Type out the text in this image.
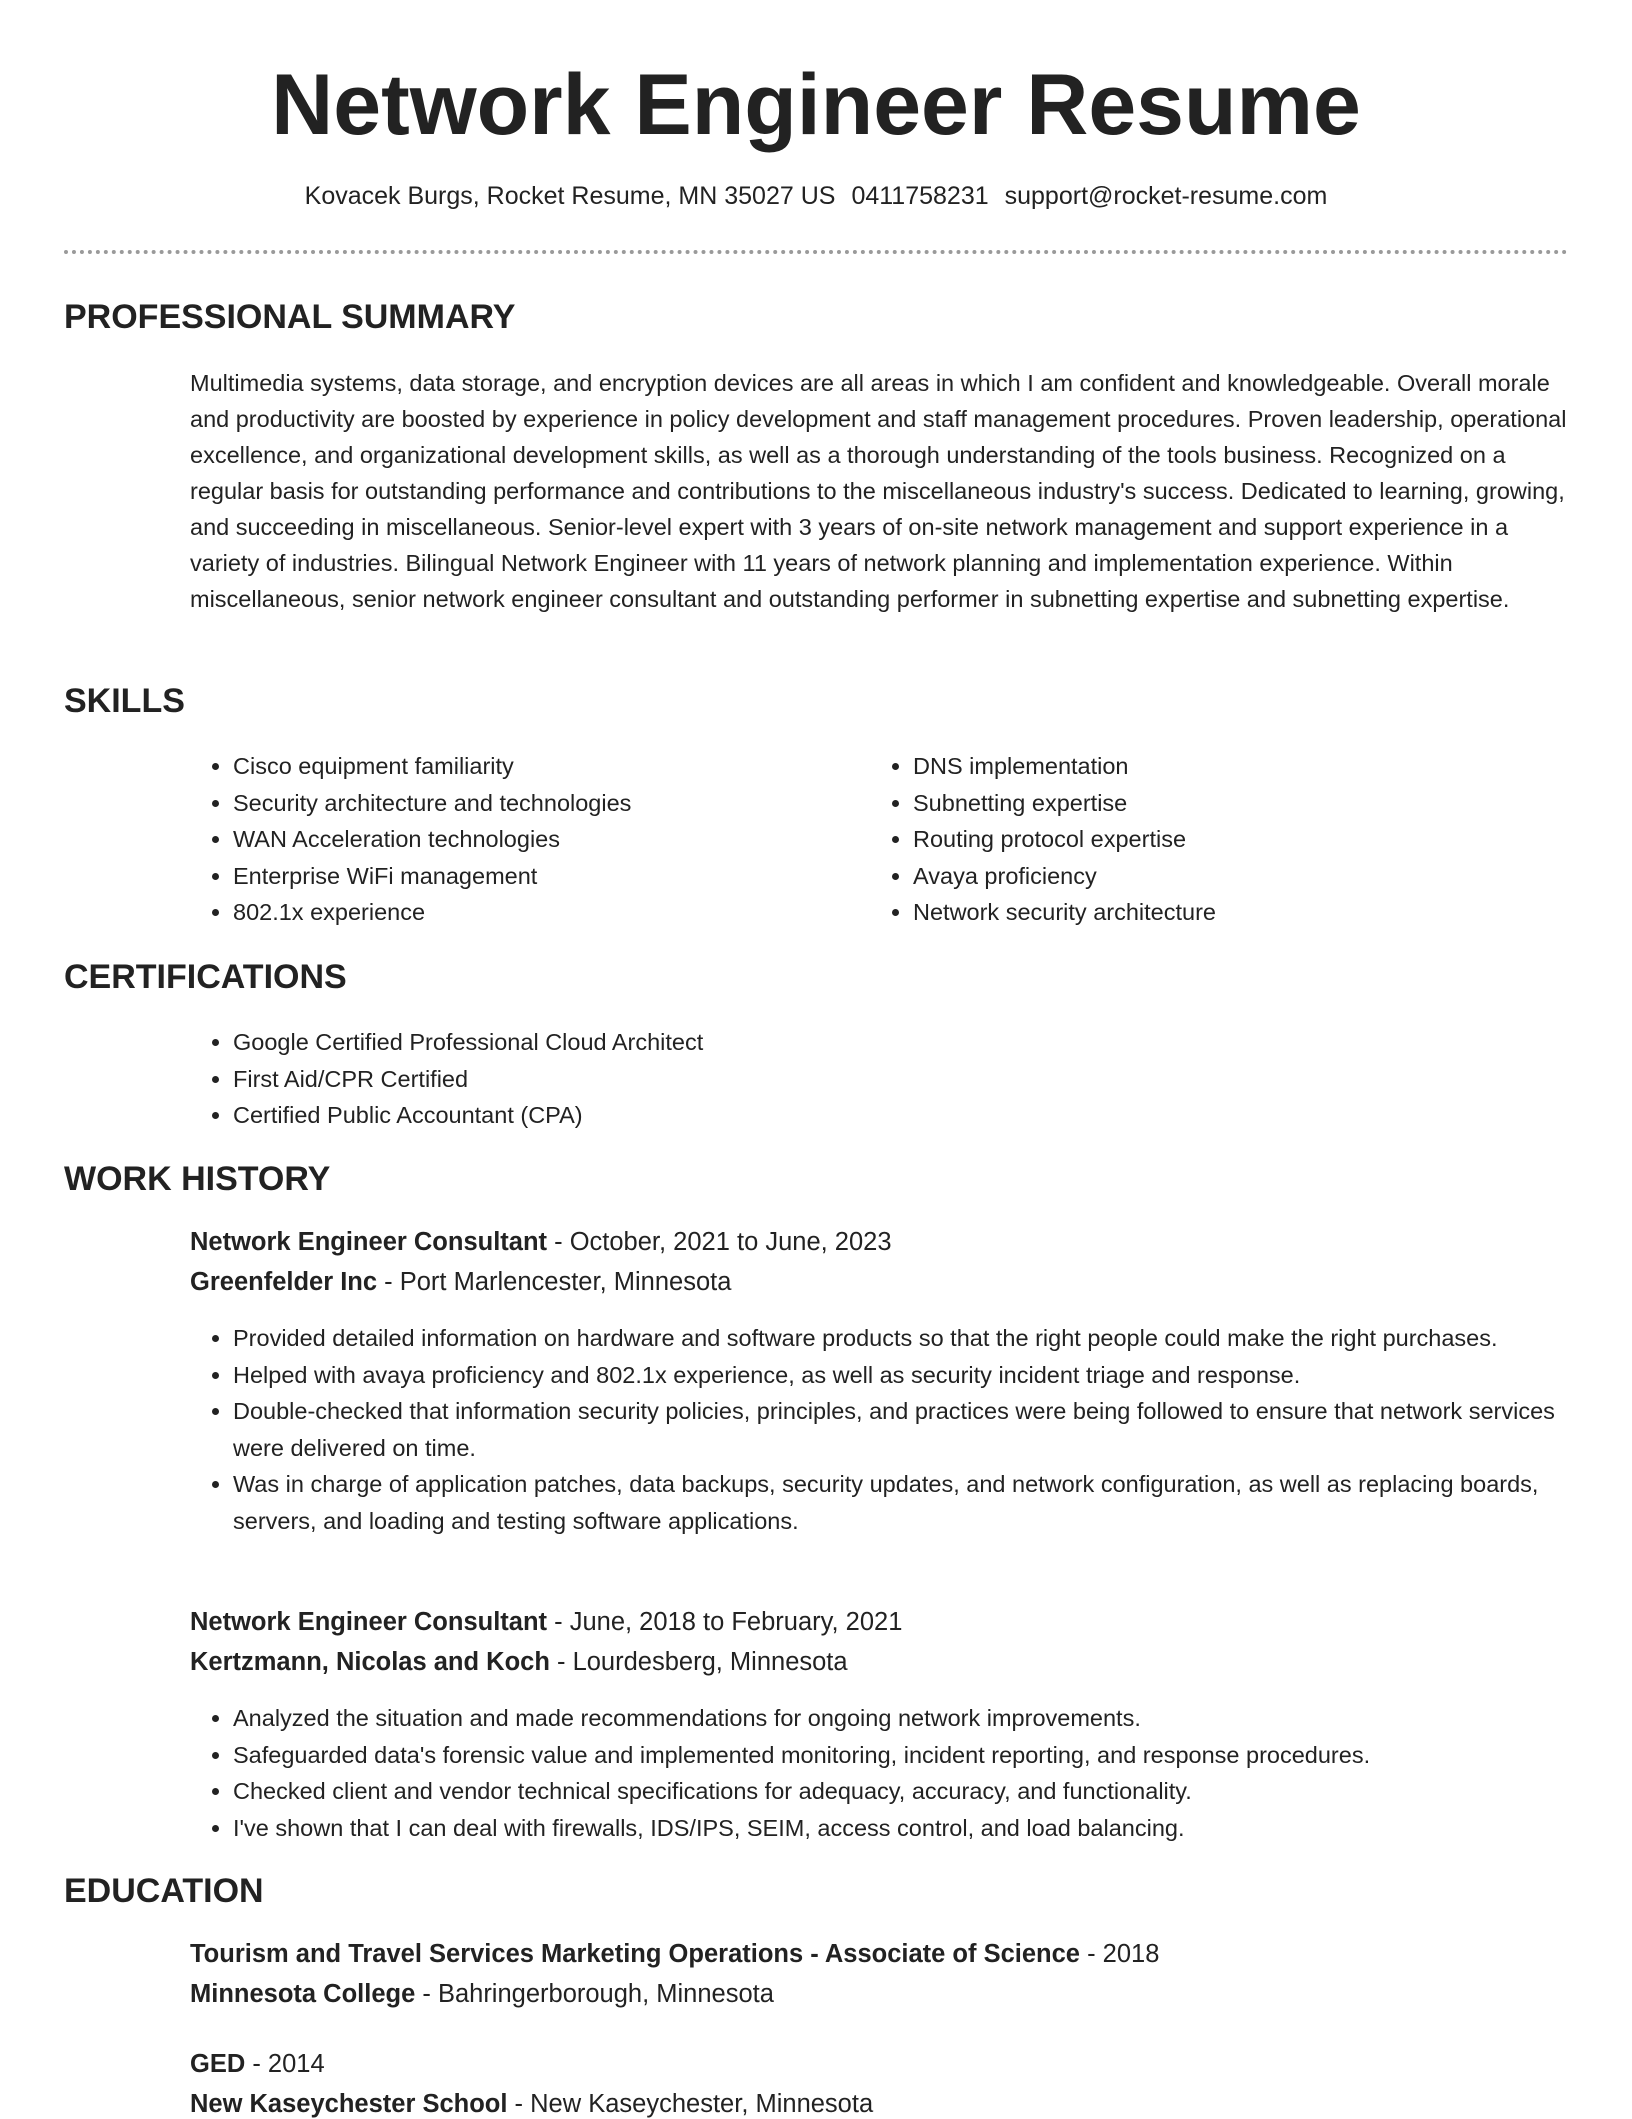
Network Engineer Resume
Kovacek Burgs, Rocket Resume, MN 35027 US 0411758231 support@rocket-resume.com
PROFESSIONAL SUMMARY

Multimedia systems, data storage, and encryption devices are all areas in which I am confident and knowledgeable. Overall morale and productivity are boosted by experience in policy development and staff management procedures. Proven leadership, operational excellence, and organizational development skills, as well as a thorough understanding of the tools business. Recognized on a regular basis for outstanding performance and contributions to the miscellaneous industry's success. Dedicated to learning, growing, and succeeding in miscellaneous. Senior-level expert with 3 years of on-site network management and support experience in a variety of industries. Bilingual Network Engineer with 11 years of network planning and implementation experience. Within miscellaneous, senior network engineer consultant and outstanding performer in subnetting expertise and subnetting expertise.

SKILLS
• Cisco equipment familiarity
• Security architecture and technologies
• WAN Acceleration technologies
• Enterprise WiFi management
• 802.1x experience
• DNS implementation
• Subnetting expertise
• Routing protocol expertise
• Avaya proficiency
• Network security architecture
CERTIFICATIONS
• Google Certified Professional Cloud Architect
• First Aid/CPR Certified
• Certified Public Accountant (CPA)
WORK HISTORY
Network Engineer Consultant - October, 2021 to June, 2023
Greenfelder Inc - Port Marlencester, Minnesota
• Provided detailed information on hardware and software products so that the right people could make the right purchases.
• Helped with avaya proficiency and 802.1x experience, as well as security incident triage and response.
• Double-checked that information security policies, principles, and practices were being followed to ensure that network services were delivered on time.
• Was in charge of application patches, data backups, security updates, and network configuration, as well as replacing boards, servers, and loading and testing software applications.
Network Engineer Consultant - June, 2018 to February, 2021
Kertzmann, Nicolas and Koch - Lourdesberg, Minnesota
• Analyzed the situation and made recommendations for ongoing network improvements.
• Safeguarded data's forensic value and implemented monitoring, incident reporting, and response procedures.
• Checked client and vendor technical specifications for adequacy, accuracy, and functionality.
• I've shown that I can deal with firewalls, IDS/IPS, SEIM, access control, and load balancing.
EDUCATION
Tourism and Travel Services Marketing Operations - Associate of Science - 2018
Minnesota College - Bahringerborough, Minnesota
GED - 2014
New Kaseychester School - New Kaseychester, Minnesota
